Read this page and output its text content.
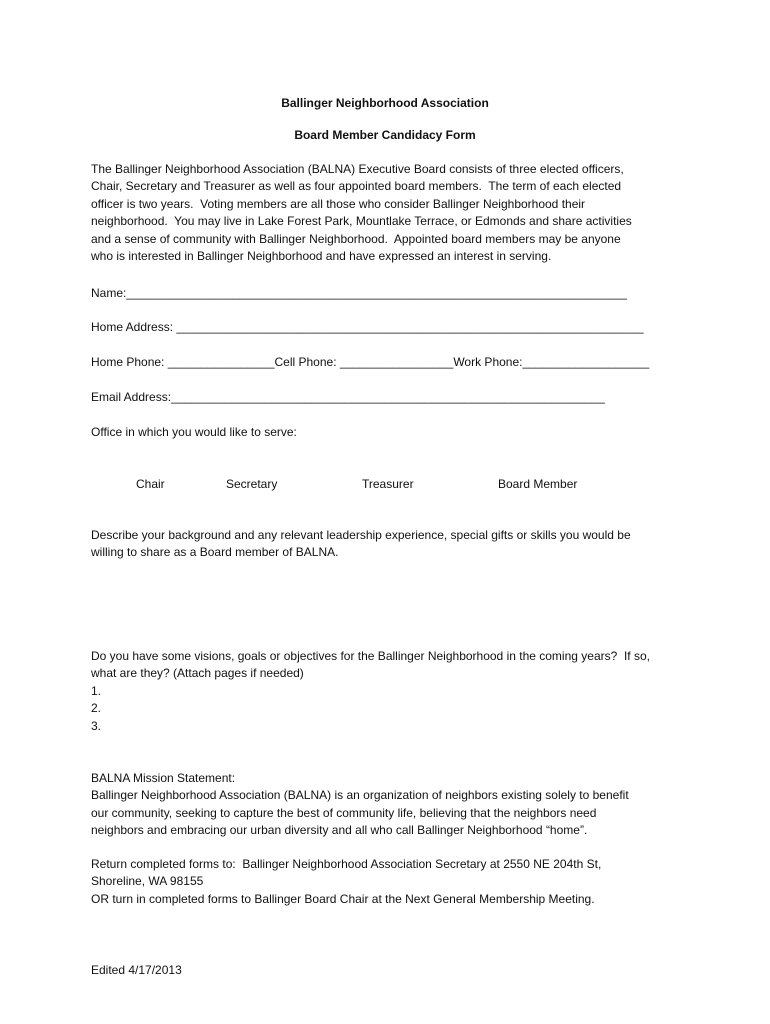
Ballinger Neighborhood Association
Board Member Candidacy Form
The Ballinger Neighborhood Association (BALNA) Executive Board consists of three elected officers,
Chair, Secretary and Treasurer as well as four appointed board members.  The term of each elected
officer is two years.  Voting members are all those who consider Ballinger Neighborhood their
neighborhood.  You may live in Lake Forest Park, Mountlake Terrace, or Edmonds and share activities
and a sense of community with Ballinger Neighborhood.  Appointed board members may be anyone
who is interested in Ballinger Neighborhood and have expressed an interest in serving.
Name:___________________________________________________________________________
Home Address: ______________________________________________________________________
Home Phone: ________________Cell Phone: _________________Work Phone:___________________
Email Address:_________________________________________________________________
Office in which you would like to serve:
Chair	Secretary	Treasurer	Board Member
Describe your background and any relevant leadership experience, special gifts or skills you would be
willing to share as a Board member of BALNA.
Do you have some visions, goals or objectives for the Ballinger Neighborhood in the coming years?  If so,
what are they? (Attach pages if needed)
1.
2.
3.
BALNA Mission Statement:
Ballinger Neighborhood Association (BALNA) is an organization of neighbors existing solely to benefit
our community, seeking to capture the best of community life, believing that the neighbors need
neighbors and embracing our urban diversity and all who call Ballinger Neighborhood “home”.
Return completed forms to:  Ballinger Neighborhood Association Secretary at 2550 NE 204th St,
Shoreline, WA 98155
OR turn in completed forms to Ballinger Board Chair at the Next General Membership Meeting.
Edited 4/17/2013
